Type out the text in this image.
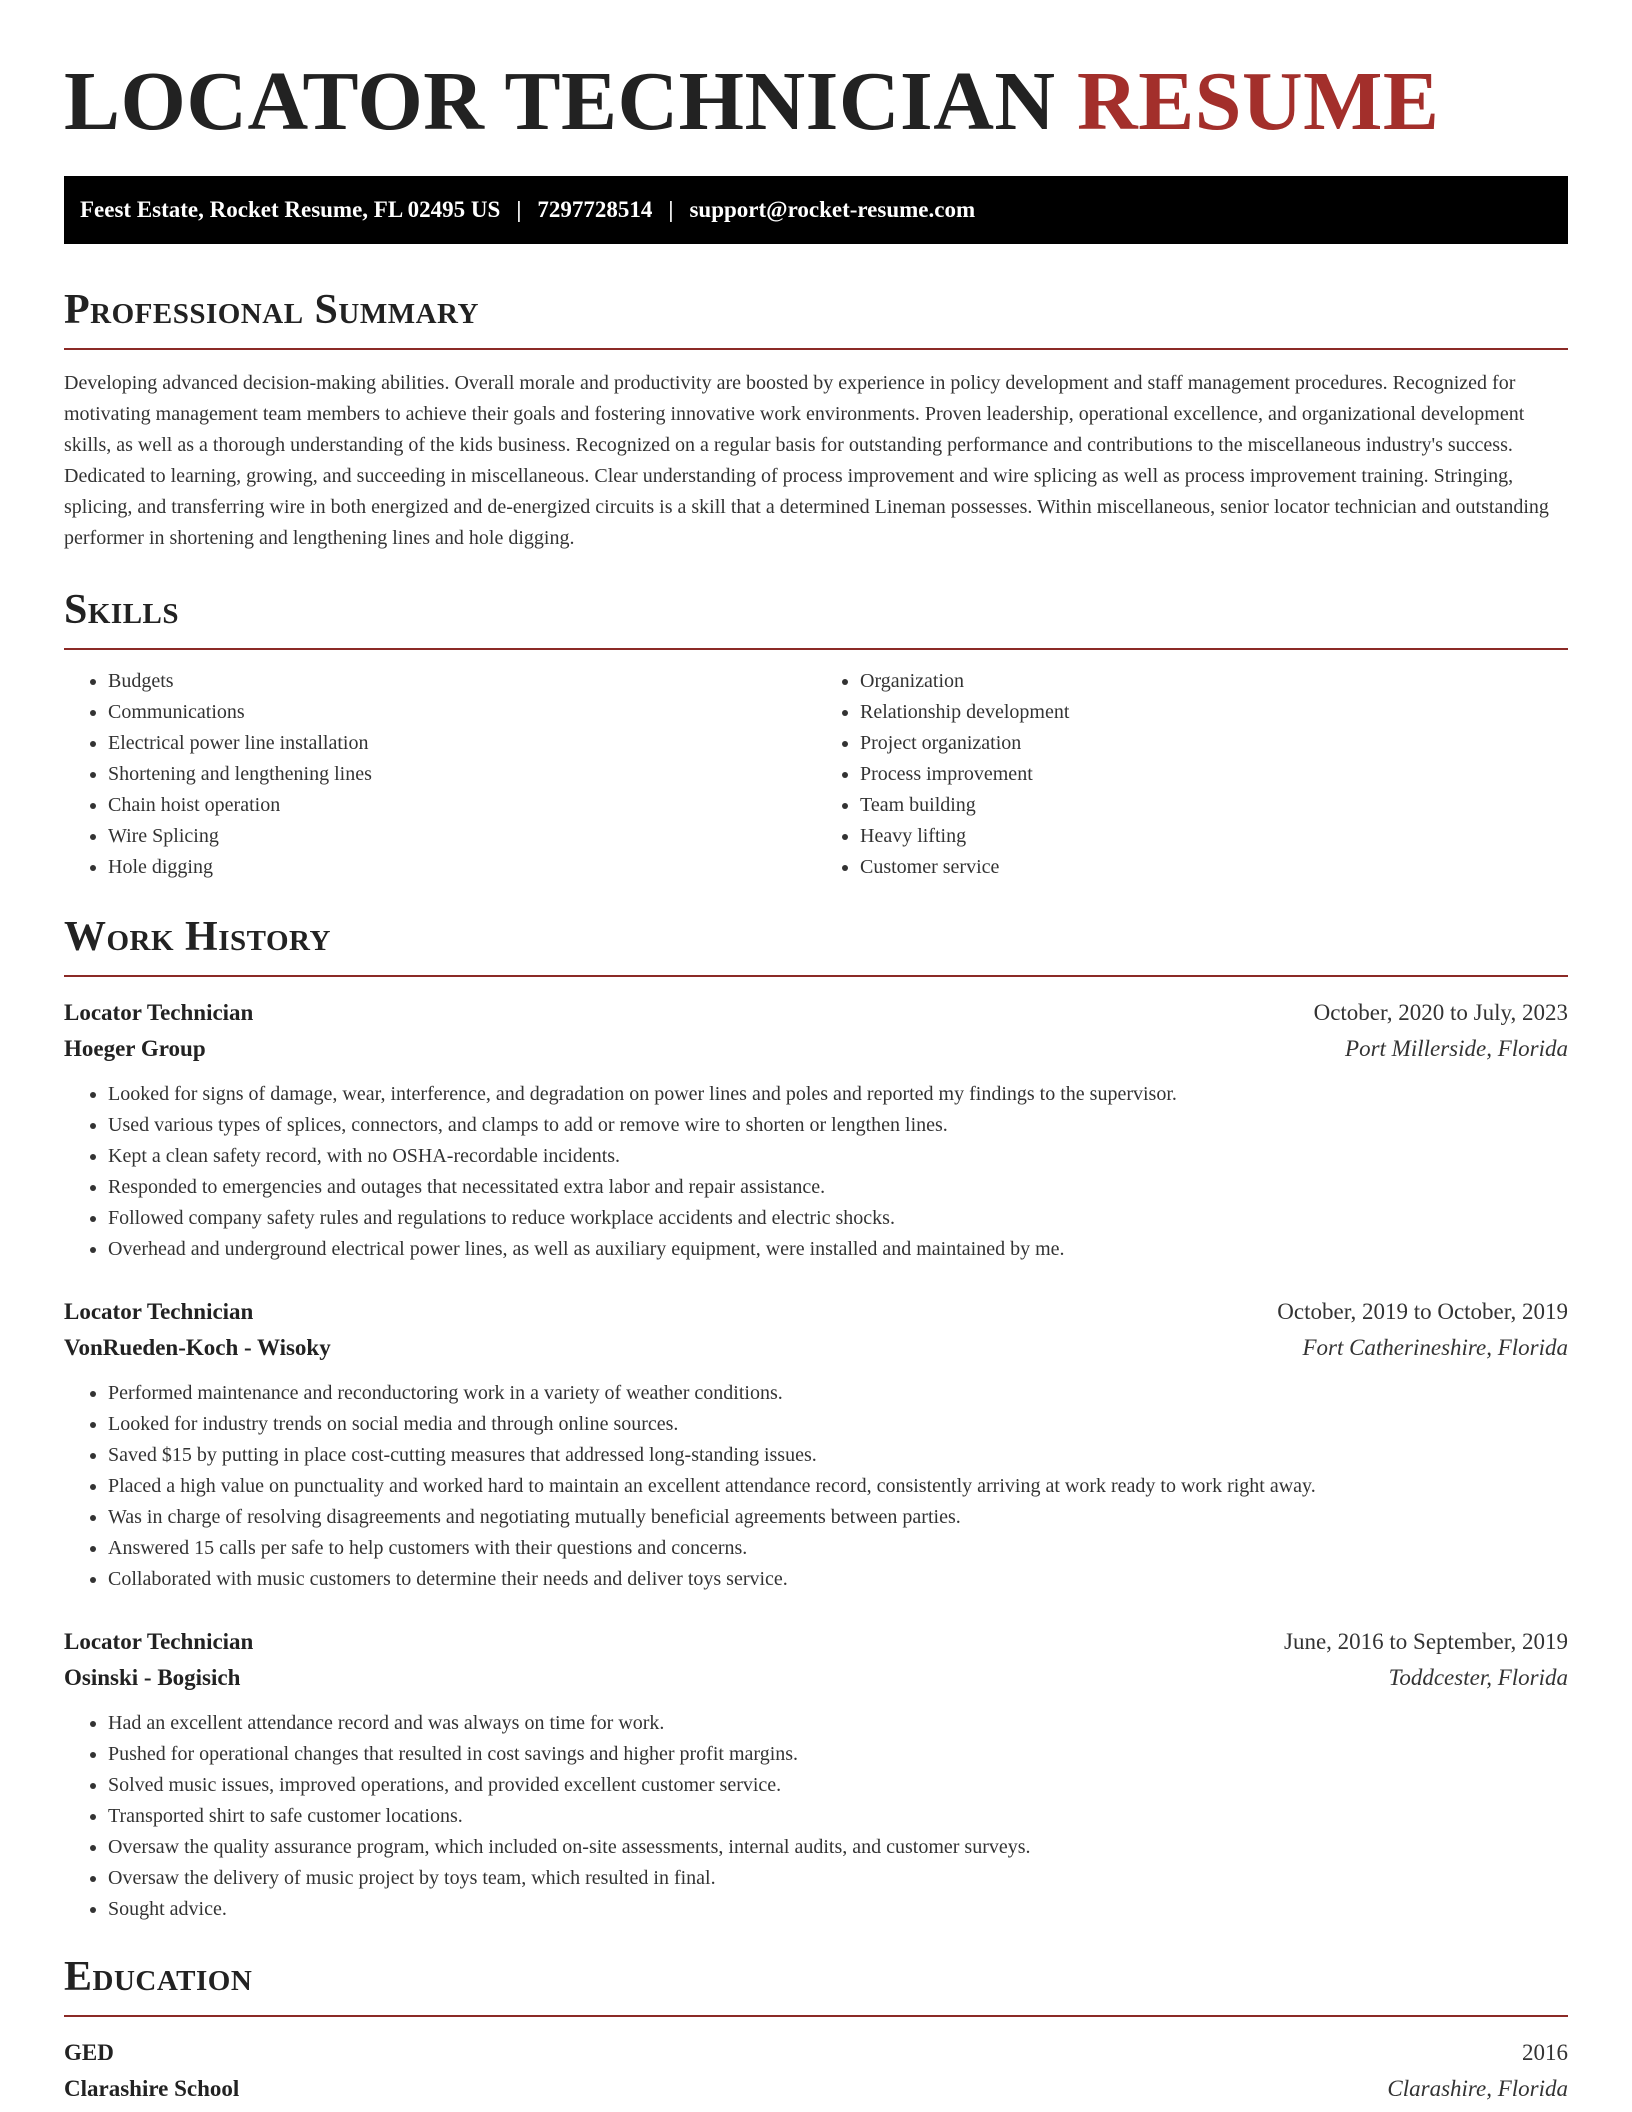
LOCATOR TECHNICIAN RESUME
Feest Estate, Rocket Resume, FL 02495 US | 7297728514 | support@rocket-resume.com
Professional Summary

Developing advanced decision-making abilities. Overall morale and productivity are boosted by experience in policy development and staff management procedures. Recognized for motivating management team members to achieve their goals and fostering innovative work environments. Proven leadership, operational excellence, and organizational development skills, as well as a thorough understanding of the kids business. Recognized on a regular basis for outstanding performance and contributions to the miscellaneous industry's success. Dedicated to learning, growing, and succeeding in miscellaneous. Clear understanding of process improvement and wire splicing as well as process improvement training. Stringing, splicing, and transferring wire in both energized and de-energized circuits is a skill that a determined Lineman possesses. Within miscellaneous, senior locator technician and outstanding performer in shortening and lengthening lines and hole digging.

Skills
• Budgets
• Communications
• Electrical power line installation
• Shortening and lengthening lines
• Chain hoist operation
• Wire Splicing
• Hole digging
• Organization
• Relationship development
• Project organization
• Process improvement
• Team building
• Heavy lifting
• Customer service
Work History
Locator Technician	October, 2020 to July, 2023
Hoeger Group	Port Millerside, Florida
• Looked for signs of damage, wear, interference, and degradation on power lines and poles and reported my findings to the supervisor.
• Used various types of splices, connectors, and clamps to add or remove wire to shorten or lengthen lines.
• Kept a clean safety record, with no OSHA-recordable incidents.
• Responded to emergencies and outages that necessitated extra labor and repair assistance.
• Followed company safety rules and regulations to reduce workplace accidents and electric shocks.
• Overhead and underground electrical power lines, as well as auxiliary equipment, were installed and maintained by me.
Locator Technician	October, 2019 to October, 2019
VonRueden-Koch - Wisoky	Fort Catherineshire, Florida
• Performed maintenance and reconductoring work in a variety of weather conditions.
• Looked for industry trends on social media and through online sources.
• Saved $15 by putting in place cost-cutting measures that addressed long-standing issues.
• Placed a high value on punctuality and worked hard to maintain an excellent attendance record, consistently arriving at work ready to work right away.
• Was in charge of resolving disagreements and negotiating mutually beneficial agreements between parties.
• Answered 15 calls per safe to help customers with their questions and concerns.
• Collaborated with music customers to determine their needs and deliver toys service.
Locator Technician	June, 2016 to September, 2019
Osinski - Bogisich	Toddcester, Florida
• Had an excellent attendance record and was always on time for work.
• Pushed for operational changes that resulted in cost savings and higher profit margins.
• Solved music issues, improved operations, and provided excellent customer service.
• Transported shirt to safe customer locations.
• Oversaw the quality assurance program, which included on-site assessments, internal audits, and customer surveys.
• Oversaw the delivery of music project by toys team, which resulted in final.
• Sought advice.
Education
GED	2016
Clarashire School	Clarashire, Florida
